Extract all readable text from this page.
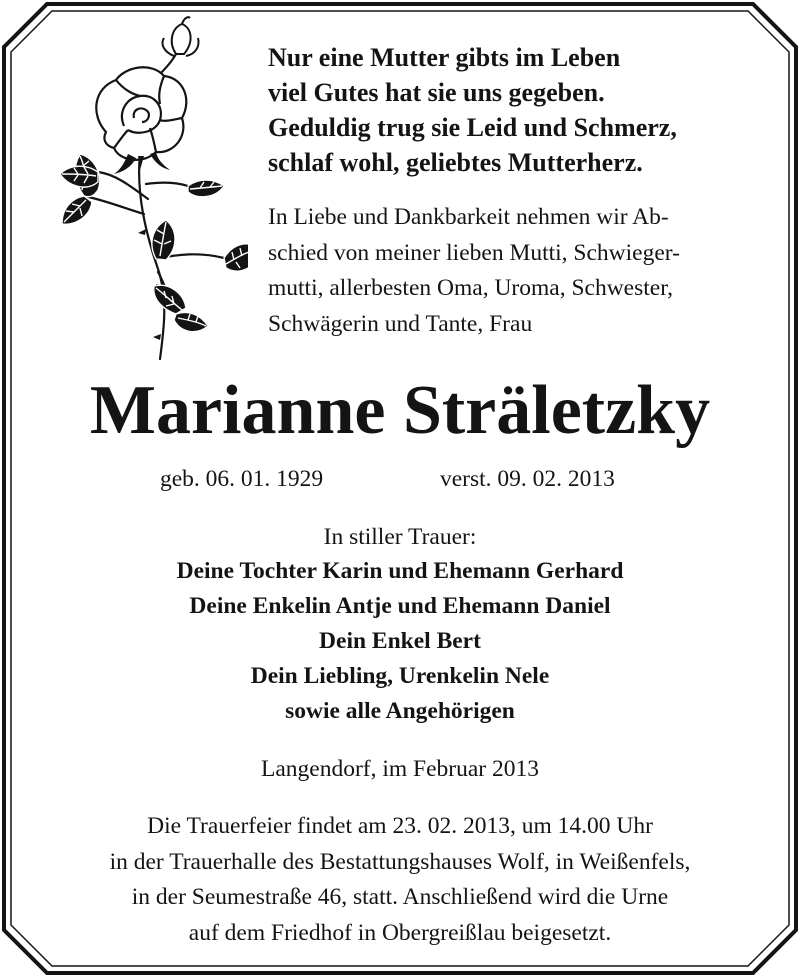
Nur eine Mutter gibts im Leben
viel Gutes hat sie uns gegeben.
Geduldig trug sie Leid und Schmerz,
schlaf wohl, geliebtes Mutterherz.
In Liebe und Dankbarkeit nehmen wir Ab-
schied von meiner lieben Mutti, Schwieger-
mutti, allerbesten Oma, Uroma, Schwester,
Schwägerin und Tante, Frau
Marianne Sträletzky
geb. 06. 01. 1929	verst. 09. 02. 2013
In stiller Trauer:
Deine Tochter Karin und Ehemann Gerhard
Deine Enkelin Antje und Ehemann Daniel
Dein Enkel Bert
Dein Liebling, Urenkelin Nele
sowie alle Angehörigen
Langendorf, im Februar 2013
Die Trauerfeier findet am 23. 02. 2013, um 14.00 Uhr
in der Trauerhalle des Bestattungshauses Wolf, in Weißenfels,
in der Seumestraße 46, statt. Anschließend wird die Urne
auf dem Friedhof in Obergreißlau beigesetzt.
